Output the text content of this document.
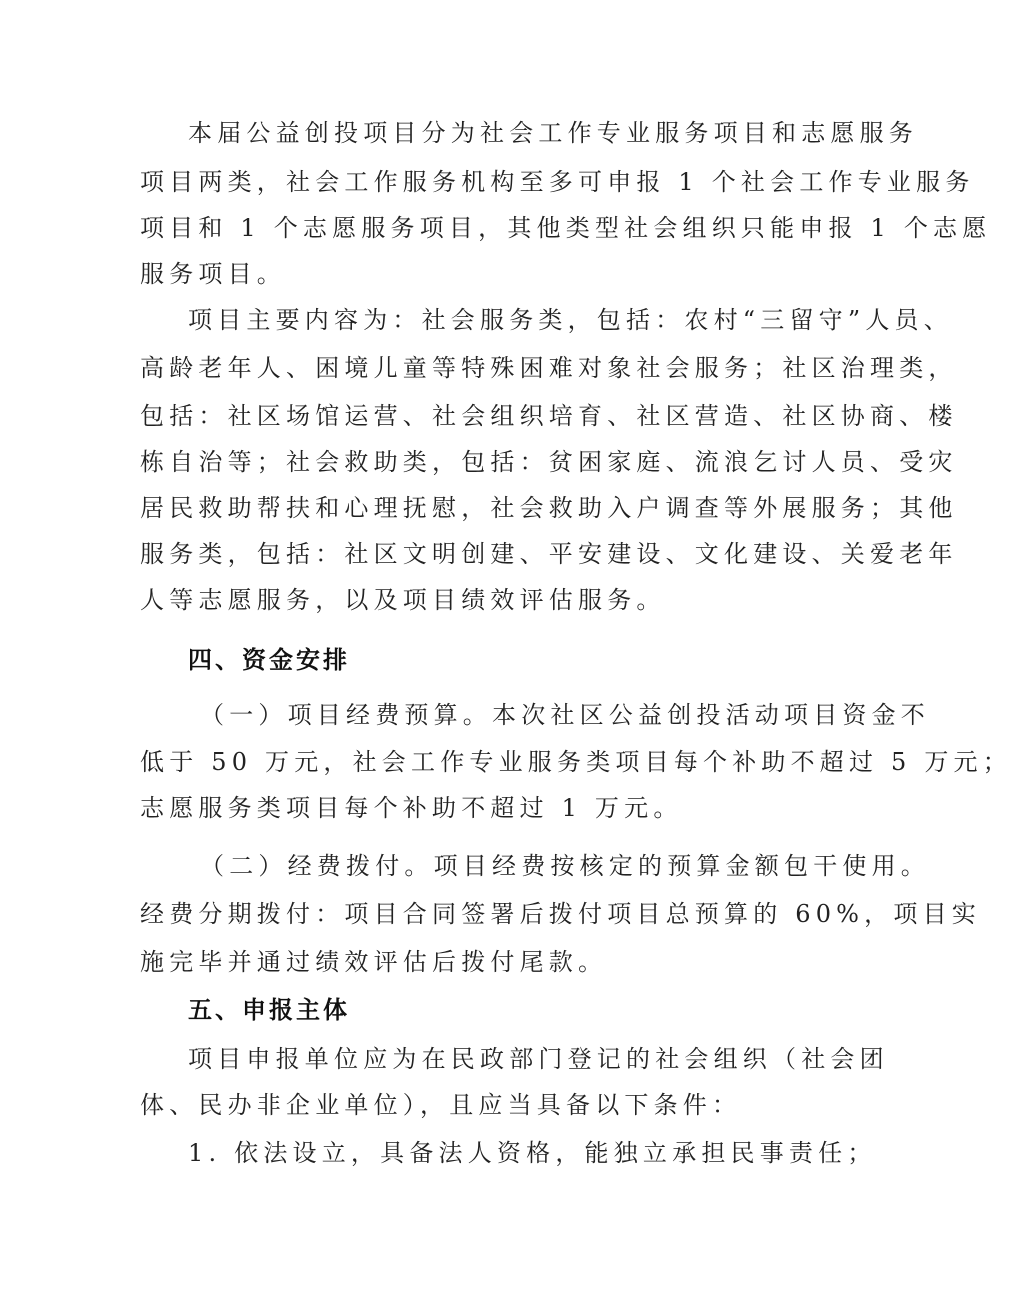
本届公益创投项目分为社会工作专业服务项目和志愿服务
项目两类，社会工作服务机构至多可申报 1 个社会工作专业服务
项目和 1 个志愿服务项目，其他类型社会组织只能申报 1 个志愿
服务项目。
项目主要内容为：社会服务类，包括：农村“三留守”人员、
高龄老年人、困境儿童等特殊困难对象社会服务；社区治理类，
包括：社区场馆运营、社会组织培育、社区营造、社区协商、楼
栋自治等；社会救助类，包括：贫困家庭、流浪乞讨人员、受灾
居民救助帮扶和心理抚慰，社会救助入户调查等外展服务；其他
服务类，包括：社区文明创建、平安建设、文化建设、关爱老年
人等志愿服务，以及项目绩效评估服务。
四、资金安排
（一）项目经费预算。本次社区公益创投活动项目资金不
低于 50 万元，社会工作专业服务类项目每个补助不超过 5 万元；
志愿服务类项目每个补助不超过 1 万元。
（二）经费拨付。项目经费按核定的预算金额包干使用。
经费分期拨付：项目合同签署后拨付项目总预算的 60%，项目实
施完毕并通过绩效评估后拨付尾款。
五、申报主体
项目申报单位应为在民政部门登记的社会组织（社会团
体、民办非企业单位），且应当具备以下条件：
1. 依法设立，具备法人资格，能独立承担民事责任；
